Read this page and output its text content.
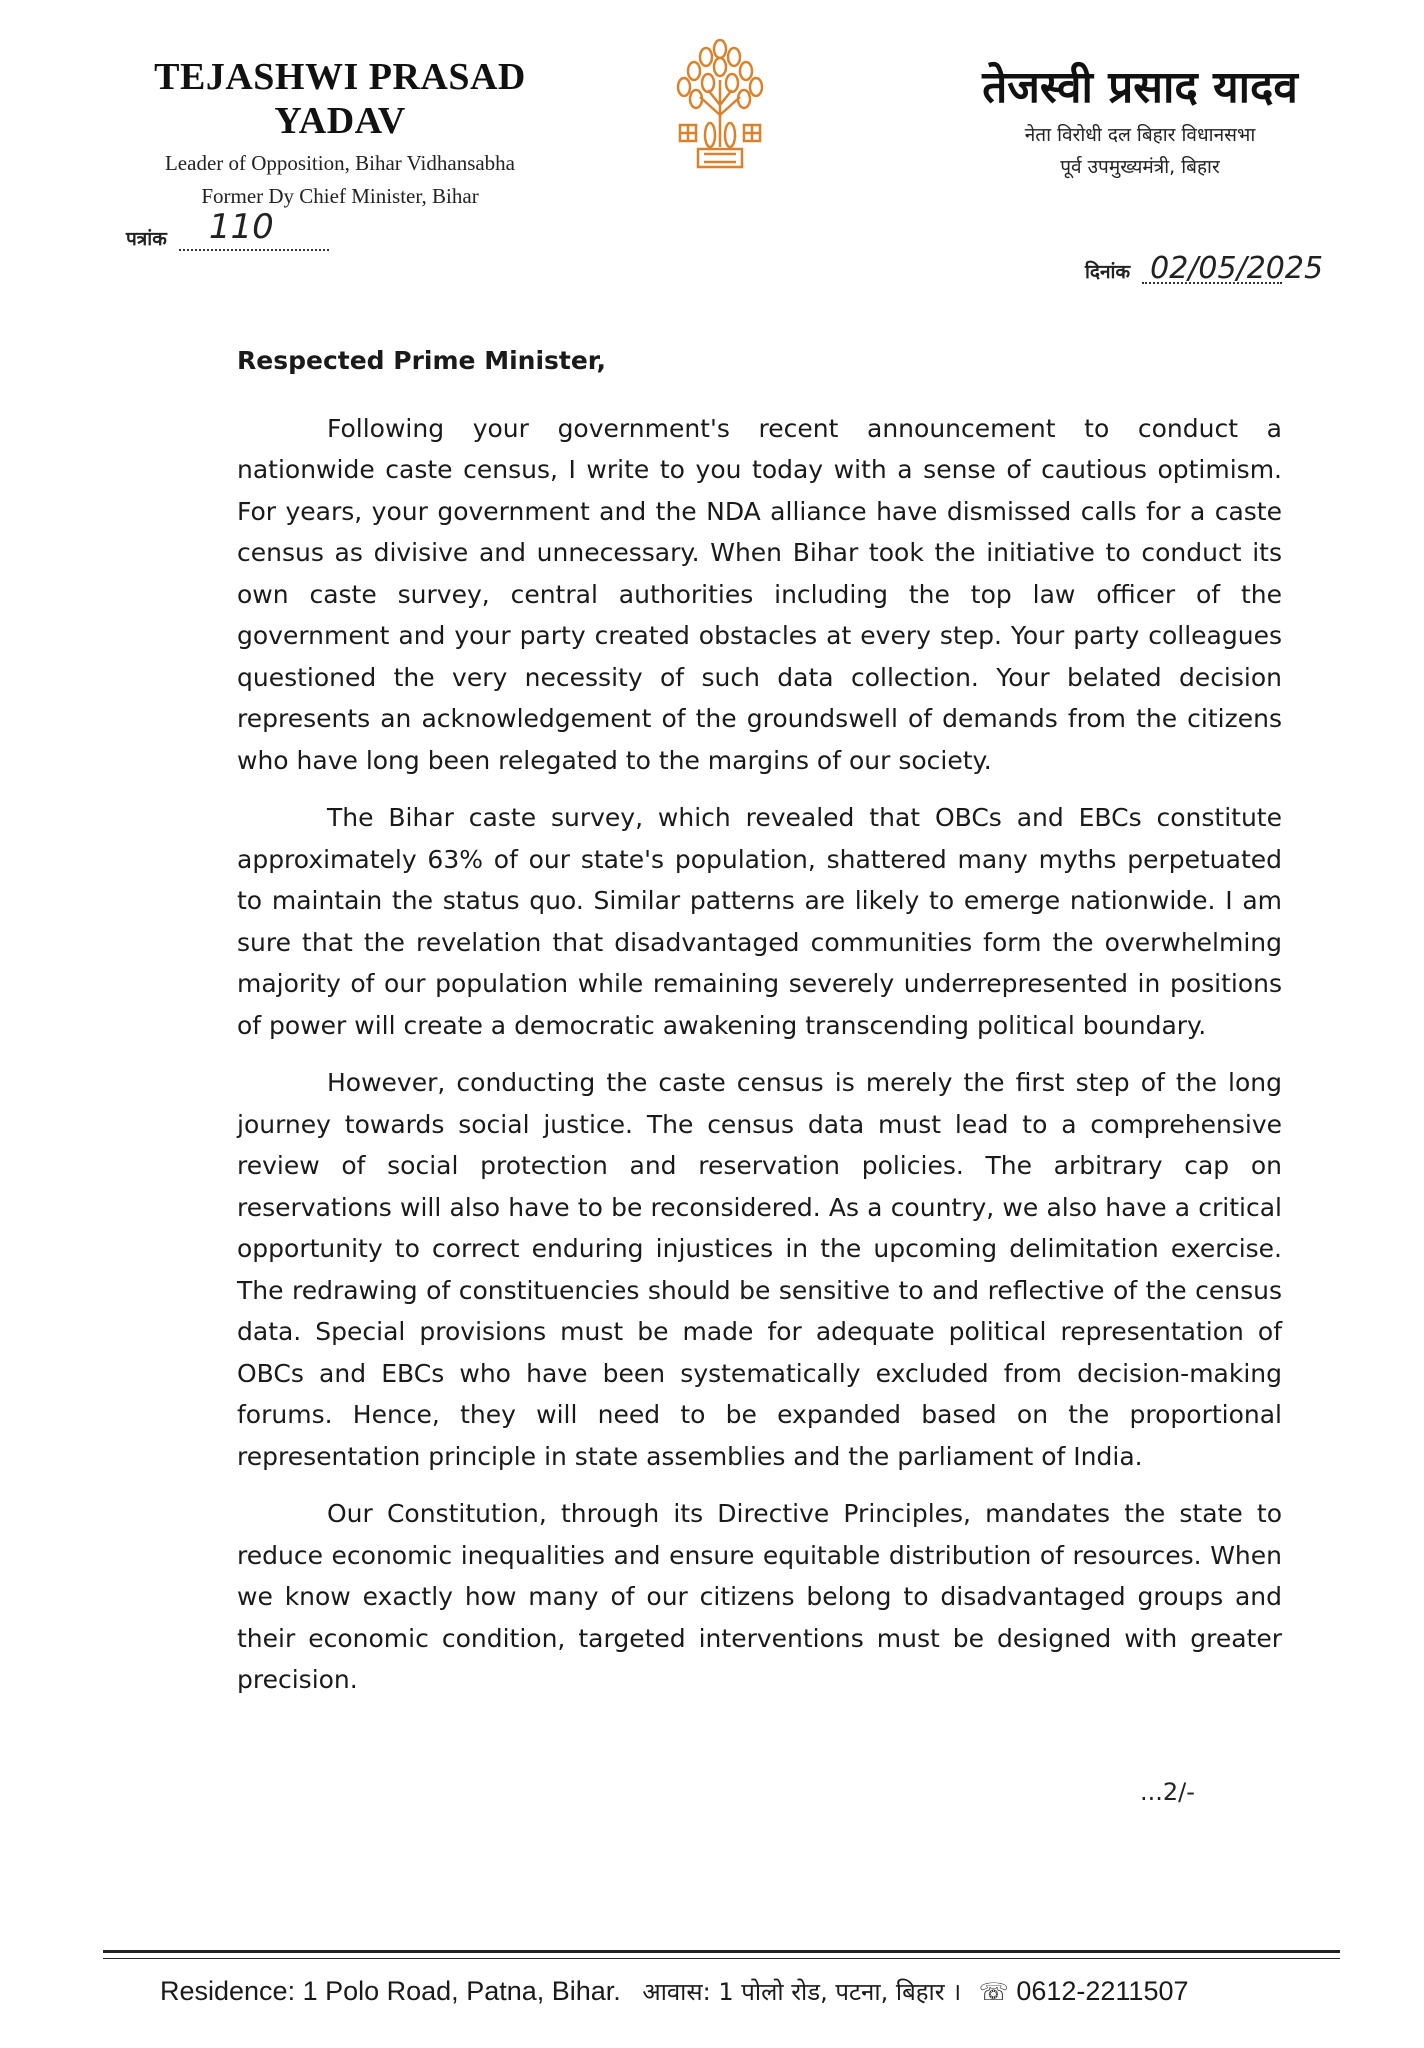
TEJASHWI PRASAD YADAV
Leader of Opposition, Bihar Vidhansabha
Former Dy Chief Minister, Bihar
तेजस्वी प्रसाद यादव
नेता विरोधी दल बिहार विधानसभा
पूर्व उपमुख्यमंत्री, बिहार
पत्रांक 110
दिनांक 02/05/2025
Respected Prime Minister,

Following your government's recent announcement to conduct a nationwide caste census, I write to you today with a sense of cautious optimism. For years, your government and the NDA alliance have dismissed calls for a caste census as divisive and unnecessary. When Bihar took the initiative to conduct its own caste survey, central authorities including the top law officer of the government and your party created obstacles at every step. Your party colleagues questioned the very necessity of such data collection. Your belated decision represents an acknowledgement of the groundswell of demands from the citizens who have long been relegated to the margins of our society.

The Bihar caste survey, which revealed that OBCs and EBCs constitute approximately 63% of our state's population, shattered many myths perpetuated to maintain the status quo. Similar patterns are likely to emerge nationwide. I am sure that the revelation that disadvantaged communities form the overwhelming majority of our population while remaining severely underrepresented in positions of power will create a democratic awakening transcending political boundary.

However, conducting the caste census is merely the first step of the long journey towards social justice. The census data must lead to a comprehensive review of social protection and reservation policies. The arbitrary cap on reservations will also have to be reconsidered. As a country, we also have a critical opportunity to correct enduring injustices in the upcoming delimitation exercise. The redrawing of constituencies should be sensitive to and reflective of the census data. Special provisions must be made for adequate political representation of OBCs and EBCs who have been systematically excluded from decision-making forums. Hence, they will need to be expanded based on the proportional representation principle in state assemblies and the parliament of India.

Our Constitution, through its Directive Principles, mandates the state to reduce economic inequalities and ensure equitable distribution of resources. When we know exactly how many of our citizens belong to disadvantaged groups and their economic condition, targeted interventions must be designed with greater precision.

...2/-
Residence: 1 Polo Road, Patna, Bihar. आवास: 1 पोलो रोड, पटना, बिहार । ☏ 0612-2211507
